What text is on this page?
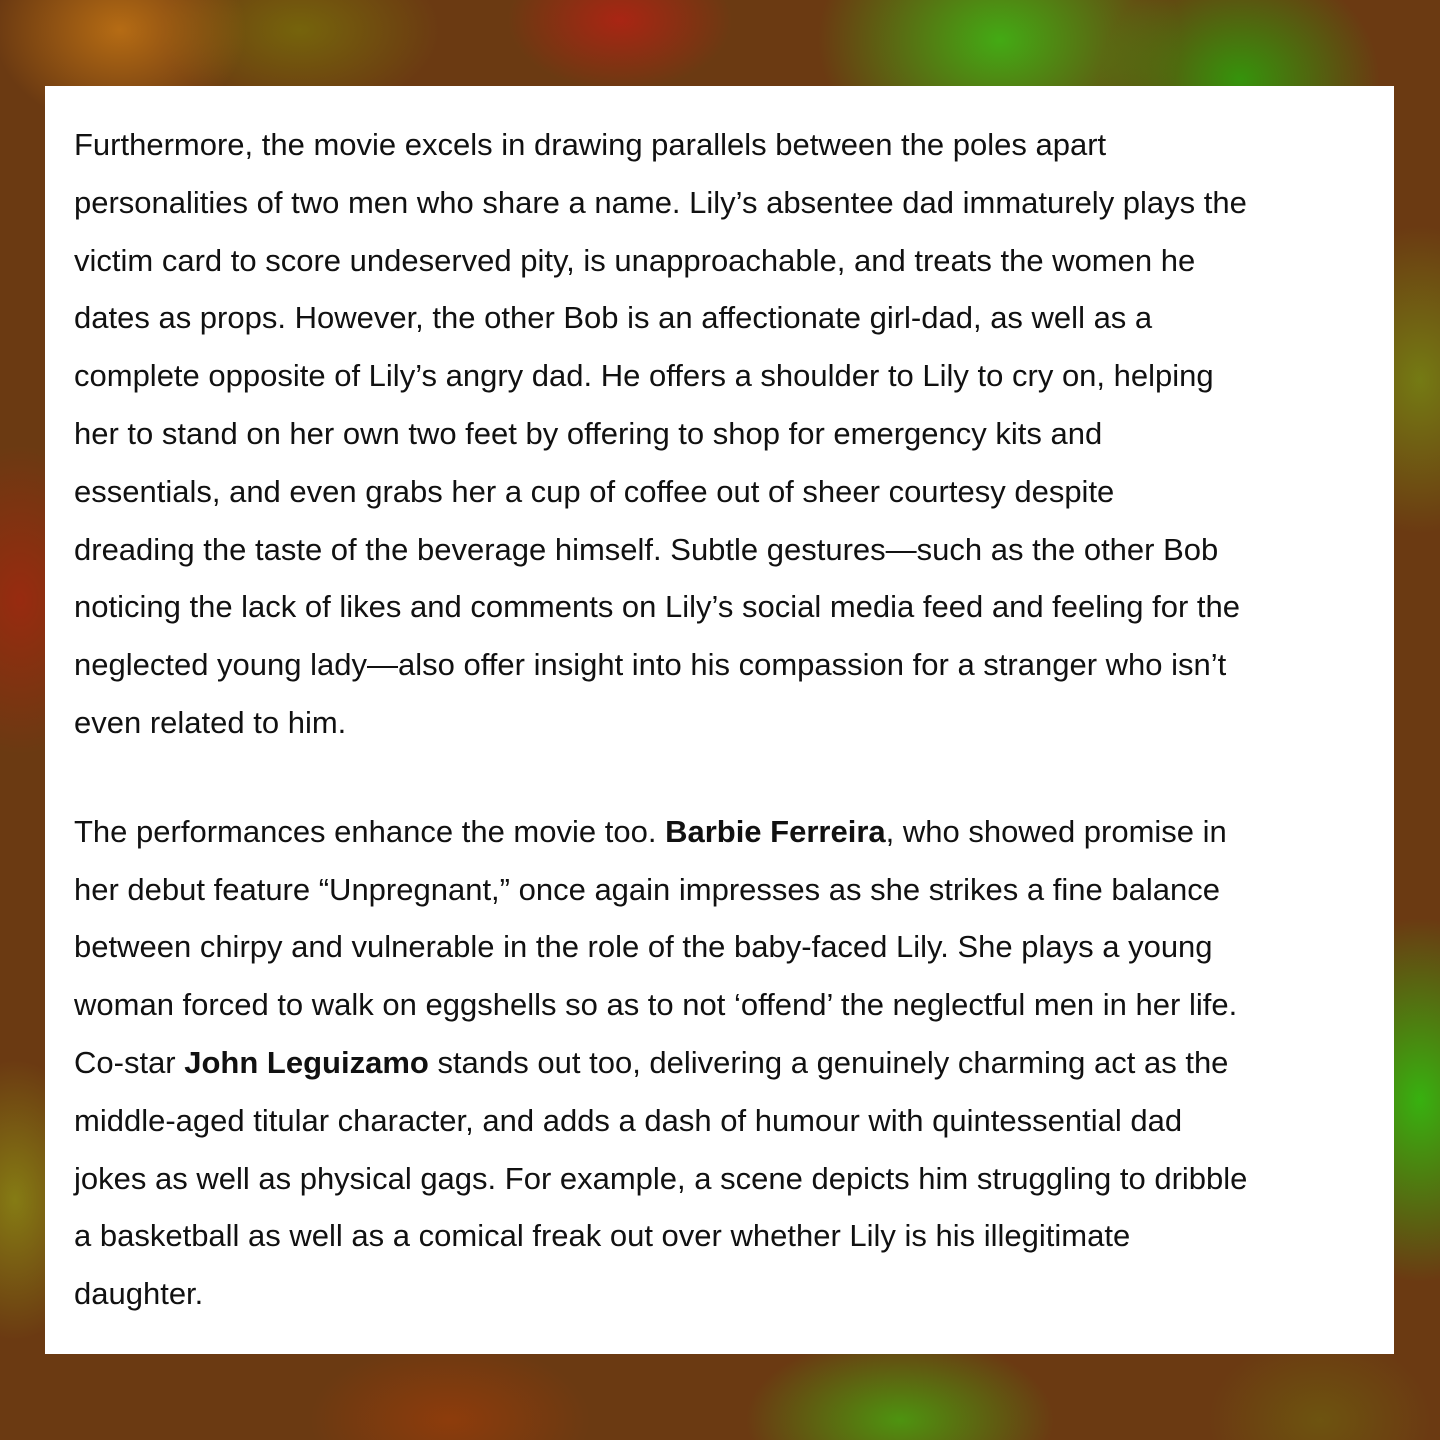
Furthermore, the movie excels in drawing parallels between the poles apart
personalities of two men who share a name. Lily’s absentee dad immaturely plays the
victim card to score undeserved pity, is unapproachable, and treats the women he
dates as props. However, the other Bob is an affectionate girl-dad, as well as a
complete opposite of Lily’s angry dad. He offers a shoulder to Lily to cry on, helping
her to stand on her own two feet by offering to shop for emergency kits and
essentials, and even grabs her a cup of coffee out of sheer courtesy despite
dreading the taste of the beverage himself. Subtle gestures—such as the other Bob
noticing the lack of likes and comments on Lily’s social media feed and feeling for the
neglected young lady—also offer insight into his compassion for a stranger who isn’t
even related to him.

The performances enhance the movie too. Barbie Ferreira, who showed promise in
her debut feature “Unpregnant,” once again impresses as she strikes a fine balance
between chirpy and vulnerable in the role of the baby-faced Lily. She plays a young
woman forced to walk on eggshells so as to not ‘offend’ the neglectful men in her life.
Co-star John Leguizamo stands out too, delivering a genuinely charming act as the
middle-aged titular character, and adds a dash of humour with quintessential dad
jokes as well as physical gags. For example, a scene depicts him struggling to dribble
a basketball as well as a comical freak out over whether Lily is his illegitimate
daughter.
